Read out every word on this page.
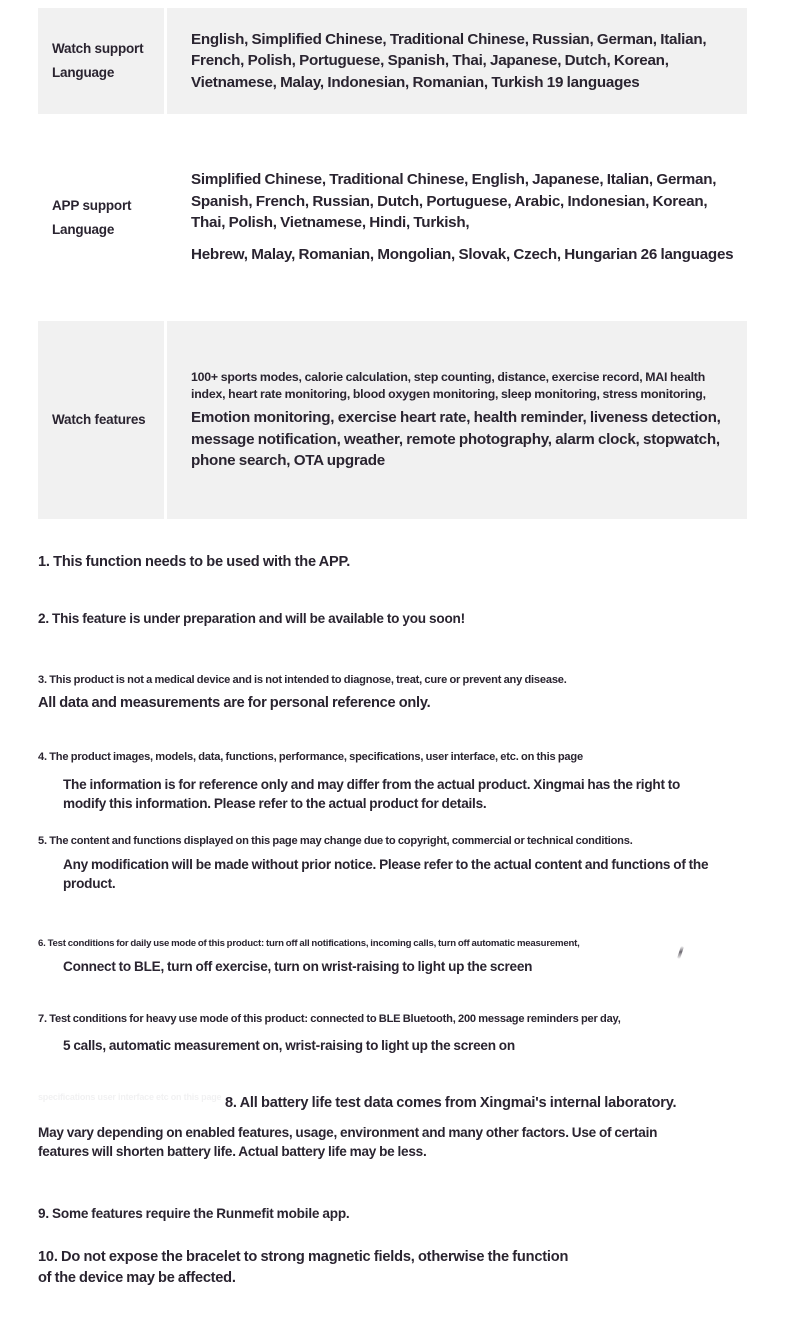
Watch support
Language
English, Simplified Chinese, Traditional Chinese, Russian, German, Italian, French, Polish, Portuguese, Spanish, Thai, Japanese, Dutch, Korean, Vietnamese, Malay, Indonesian, Romanian, Turkish 19 languages
APP support
Language
Simplified Chinese, Traditional Chinese, English, Japanese, Italian, German, Spanish, French, Russian, Dutch, Portuguese, Arabic, Indonesian, Korean, Thai, Polish, Vietnamese, Hindi, Turkish,
Hebrew, Malay, Romanian, Mongolian, Slovak, Czech, Hungarian 26 languages
Watch features
100+ sports modes, calorie calculation, step counting, distance, exercise record, MAI health index, heart rate monitoring, blood oxygen monitoring, sleep monitoring, stress monitoring,
Emotion monitoring, exercise heart rate, health reminder, liveness detection, message notification, weather, remote photography, alarm clock, stopwatch, phone search, OTA upgrade
1. This function needs to be used with the APP.
2. This feature is under preparation and will be available to you soon!
3. This product is not a medical device and is not intended to diagnose, treat, cure or prevent any disease.
All data and measurements are for personal reference only.
4. The product images, models, data, functions, performance, specifications, user interface, etc. on this page
The information is for reference only and may differ from the actual product. Xingmai has the right to modify this information. Please refer to the actual product for details.
5. The content and functions displayed on this page may change due to copyright, commercial or technical conditions.
Any modification will be made without prior notice. Please refer to the actual content and functions of the product.
6. Test conditions for daily use mode of this product: turn off all notifications, incoming calls, turn off automatic measurement,
Connect to BLE, turn off exercise, turn on wrist-raising to light up the screen
7. Test conditions for heavy use mode of this product: connected to BLE Bluetooth, 200 message reminders per day,
5 calls, automatic measurement on, wrist-raising to light up the screen on
8. All battery life test data comes from Xingmai's internal laboratory.
May vary depending on enabled features, usage, environment and many other factors. Use of certain features will shorten battery life. Actual battery life may be less.
9. Some features require the Runmefit mobile app.
10. Do not expose the bracelet to strong magnetic fields, otherwise the function
of the device may be affected.
specifications user interface etc on this page
